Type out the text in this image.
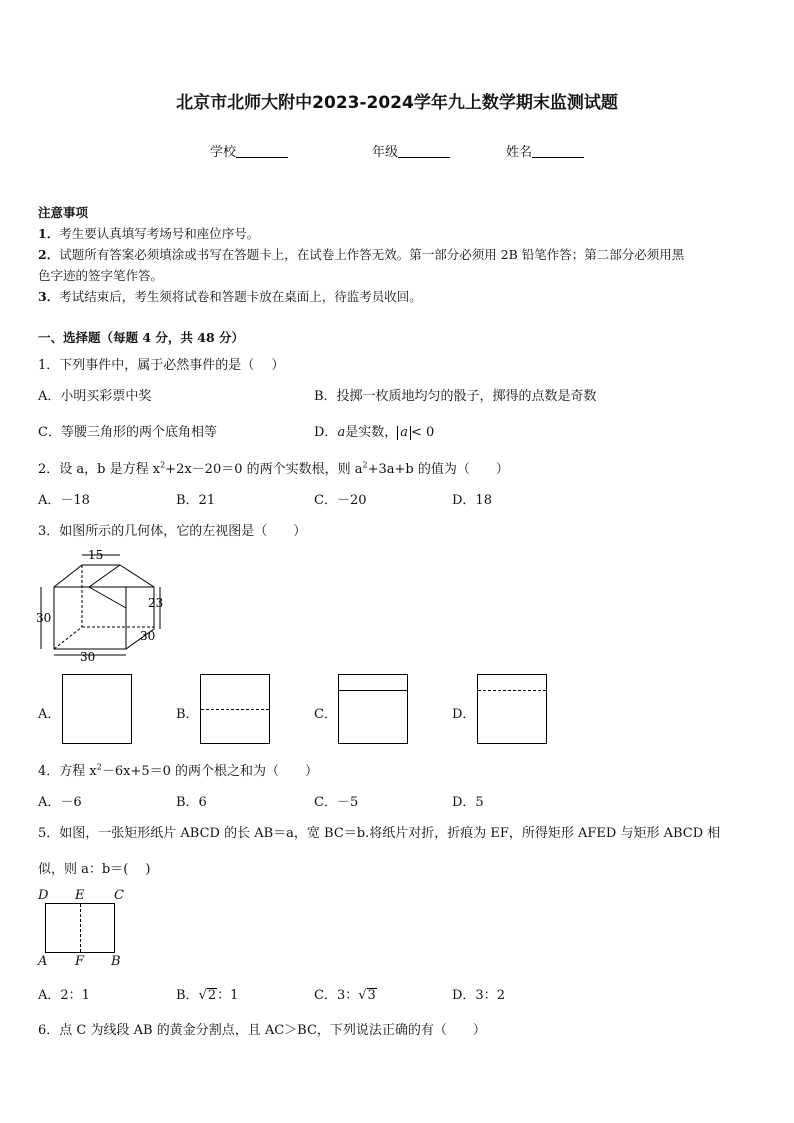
北京市北师大附中2023-2024学年九上数学期末监测试题
学校	年级	姓名
注意事项
1．考生要认真填写考场号和座位序号。
2．试题所有答案必须填涂或书写在答题卡上，在试卷上作答无效。第一部分必须用 2B 铅笔作答；第二部分必须用黑
色字迹的签字笔作答。
3．考试结束后，考生须将试卷和答题卡放在桌面上，待监考员收回。
一、选择题（每题 4 分，共 48 分）
1．下列事件中，属于必然事件的是（　 ）
A．小明买彩票中奖	B．投掷一枚质地均匀的骰子，掷得的点数是奇数
C．等腰三角形的两个底角相等	D．a是实数， a < 0
2．设 a，b 是方程 $x^2+2x-20=0$ 的两个实数根，则 $a^2+3a+b$ 的值为（　　）
A．－18	B．21	C．－20	D．18
3．如图所示的几何体，它的左视图是（　　）
15
23
30
30
30
A．	B．	C．	D．
4．方程 $x^2-6x+5=0$ 的两个根之和为（　　）
A．－6	B．6	C．－5	D．5
5．如图，一张矩形纸片 ABCD 的长 AB＝a，宽 BC＝b.将纸片对折，折痕为 EF，所得矩形 AFED 与矩形 ABCD 相
似，则 a：b＝(　 )
D E C
A F B
A．2：1	B．√2：1	C．3：√3	D．3：2
6．点 C 为线段 AB 的黄金分割点，且 AC＞BC，下列说法正确的有（　　）
